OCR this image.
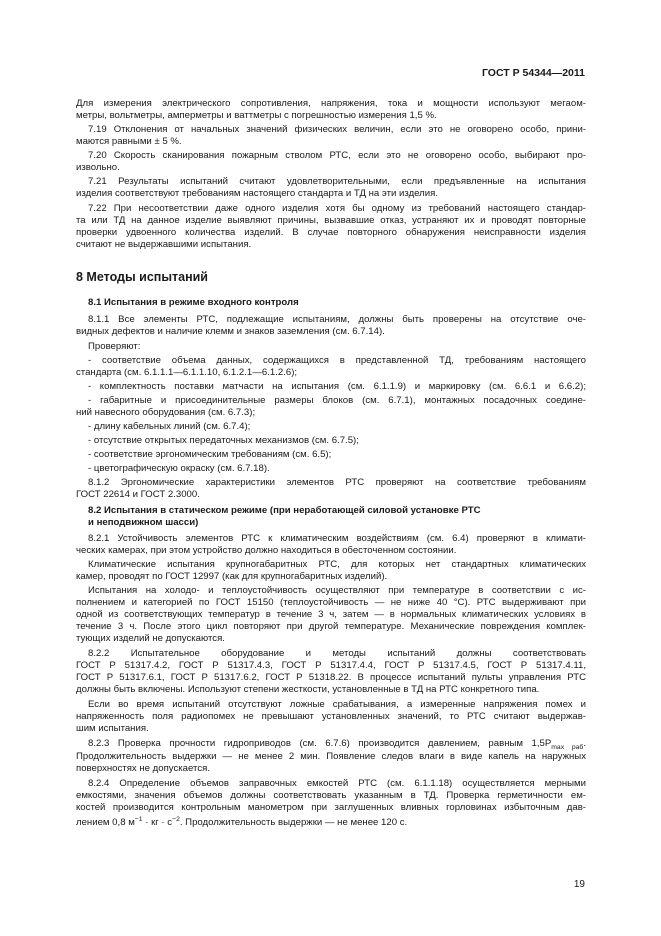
ГОСТ Р 54344—2011
Для измерения электрического сопротивления, напряжения, тока и мощности используют мегаом-
метры, вольтметры, амперметры и ваттметры с погрешностью измерения 1,5 %.
7.19 Отклонения от начальных значений физических величин, если это не оговорено особо, прини-
маются равными ± 5 %.
7.20 Скорость сканирования пожарным стволом РТС, если это не оговорено особо, выбирают про-
извольно.
7.21 Результаты испытаний считают удовлетворительными, если предъявленные на испытания
изделия соответствуют требованиям настоящего стандарта и ТД на эти изделия.
7.22 При несоответствии даже одного изделия хотя бы одному из требований настоящего стандар-
та или ТД на данное изделие выявляют причины, вызвавшие отказ, устраняют их и проводят повторные
проверки удвоенного количества изделий. В случае повторного обнаружения неисправности изделия
считают не выдержавшими испытания.
8 Методы испытаний
8.1 Испытания в режиме входного контроля
8.1.1 Все элементы РТС, подлежащие испытаниям, должны быть проверены на отсутствие оче-
видных дефектов и наличие клемм и знаков заземления (см. 6.7.14).
Проверяют:
- соответствие объема данных, содержащихся в представленной ТД, требованиям настоящего
стандарта (см. 6.1.1.1—6.1.1.10, 6.1.2.1—6.1.2.6);
- комплектность поставки матчасти на испытания (см. 6.1.1.9) и маркировку (см. 6.6.1 и 6.6.2);
- габаритные и присоединительные размеры блоков (см. 6.7.1), монтажных посадочных соедине-
ний навесного оборудования (см. 6.7.3);
- длину кабельных линий (см. 6.7.4);
- отсутствие открытых передаточных механизмов (см. 6.7.5);
- соответствие эргономическим требованиям (см. 6.5);
- цветографическую окраску (см. 6.7.18).
8.1.2 Эргономические характеристики элементов РТС проверяют на соответствие требованиям
ГОСТ 22614 и ГОСТ 2.3000.
8.2 Испытания в статическом режиме (при неработающей силовой установке РТС
и неподвижном шасси)
8.2.1 Устойчивость элементов РТС к климатическим воздействиям (см. 6.4) проверяют в климати-
ческих камерах, при этом устройство должно находиться в обесточенном состоянии.
Климатические испытания крупногабаритных РТС, для которых нет стандартных климатических
камер, проводят по ГОСТ 12997 (как для крупногабаритных изделий).
Испытания на холодо- и теплоустойчивость осуществляют при температуре в соответствии с ис-
полнением и категорией по ГОСТ 15150 (теплоустойчивость — не ниже 40 °С). РТС выдерживают при
одной из соответствующих температур в течение 3 ч, затем — в нормальных климатических условиях в
течение 3 ч. После этого цикл повторяют при другой температуре. Механические повреждения комплек-
тующих изделий не допускаются.
8.2.2 Испытательное оборудование и методы испытаний должны соответствовать
ГОСТ Р 51317.4.2, ГОСТ Р 51317.4.3, ГОСТ Р 51317.4.4, ГОСТ Р 51317.4.5, ГОСТ Р 51317.4.11,
ГОСТ Р 51317.6.1, ГОСТ Р 51317.6.2, ГОСТ Р 51318.22. В процессе испытаний пульты управления РТС
должны быть включены. Используют степени жесткости, установленные в ТД на РТС конкретного типа.
Если во время испытаний отсутствуют ложные срабатывания, а измеренные напряжения помех и
напряженность поля радиопомех не превышают установленных значений, то РТС считают выдержав-
шим испытания.
8.2.3 Проверка прочности гидроприводов (см. 6.7.6) производится давлением, равным $1,5P_{max раб}$.
Продолжительность выдержки — не менее 2 мин. Появление следов влаги в виде капель на наружных
поверхностях не допускается.
8.2.4 Определение объемов заправочных емкостей РТС (см. 6.1.1.18) осуществляется мерными
емкостями, значения объемов должны соответствовать указанным в ТД. Проверка герметичности ем-
костей производится контрольным манометром при заглушенных вливных горловинах избыточным дав-
лением 0,8 $м^{-1}$ · кг · $с^{-2}$. Продолжительность выдержки — не менее 120 с.
19
